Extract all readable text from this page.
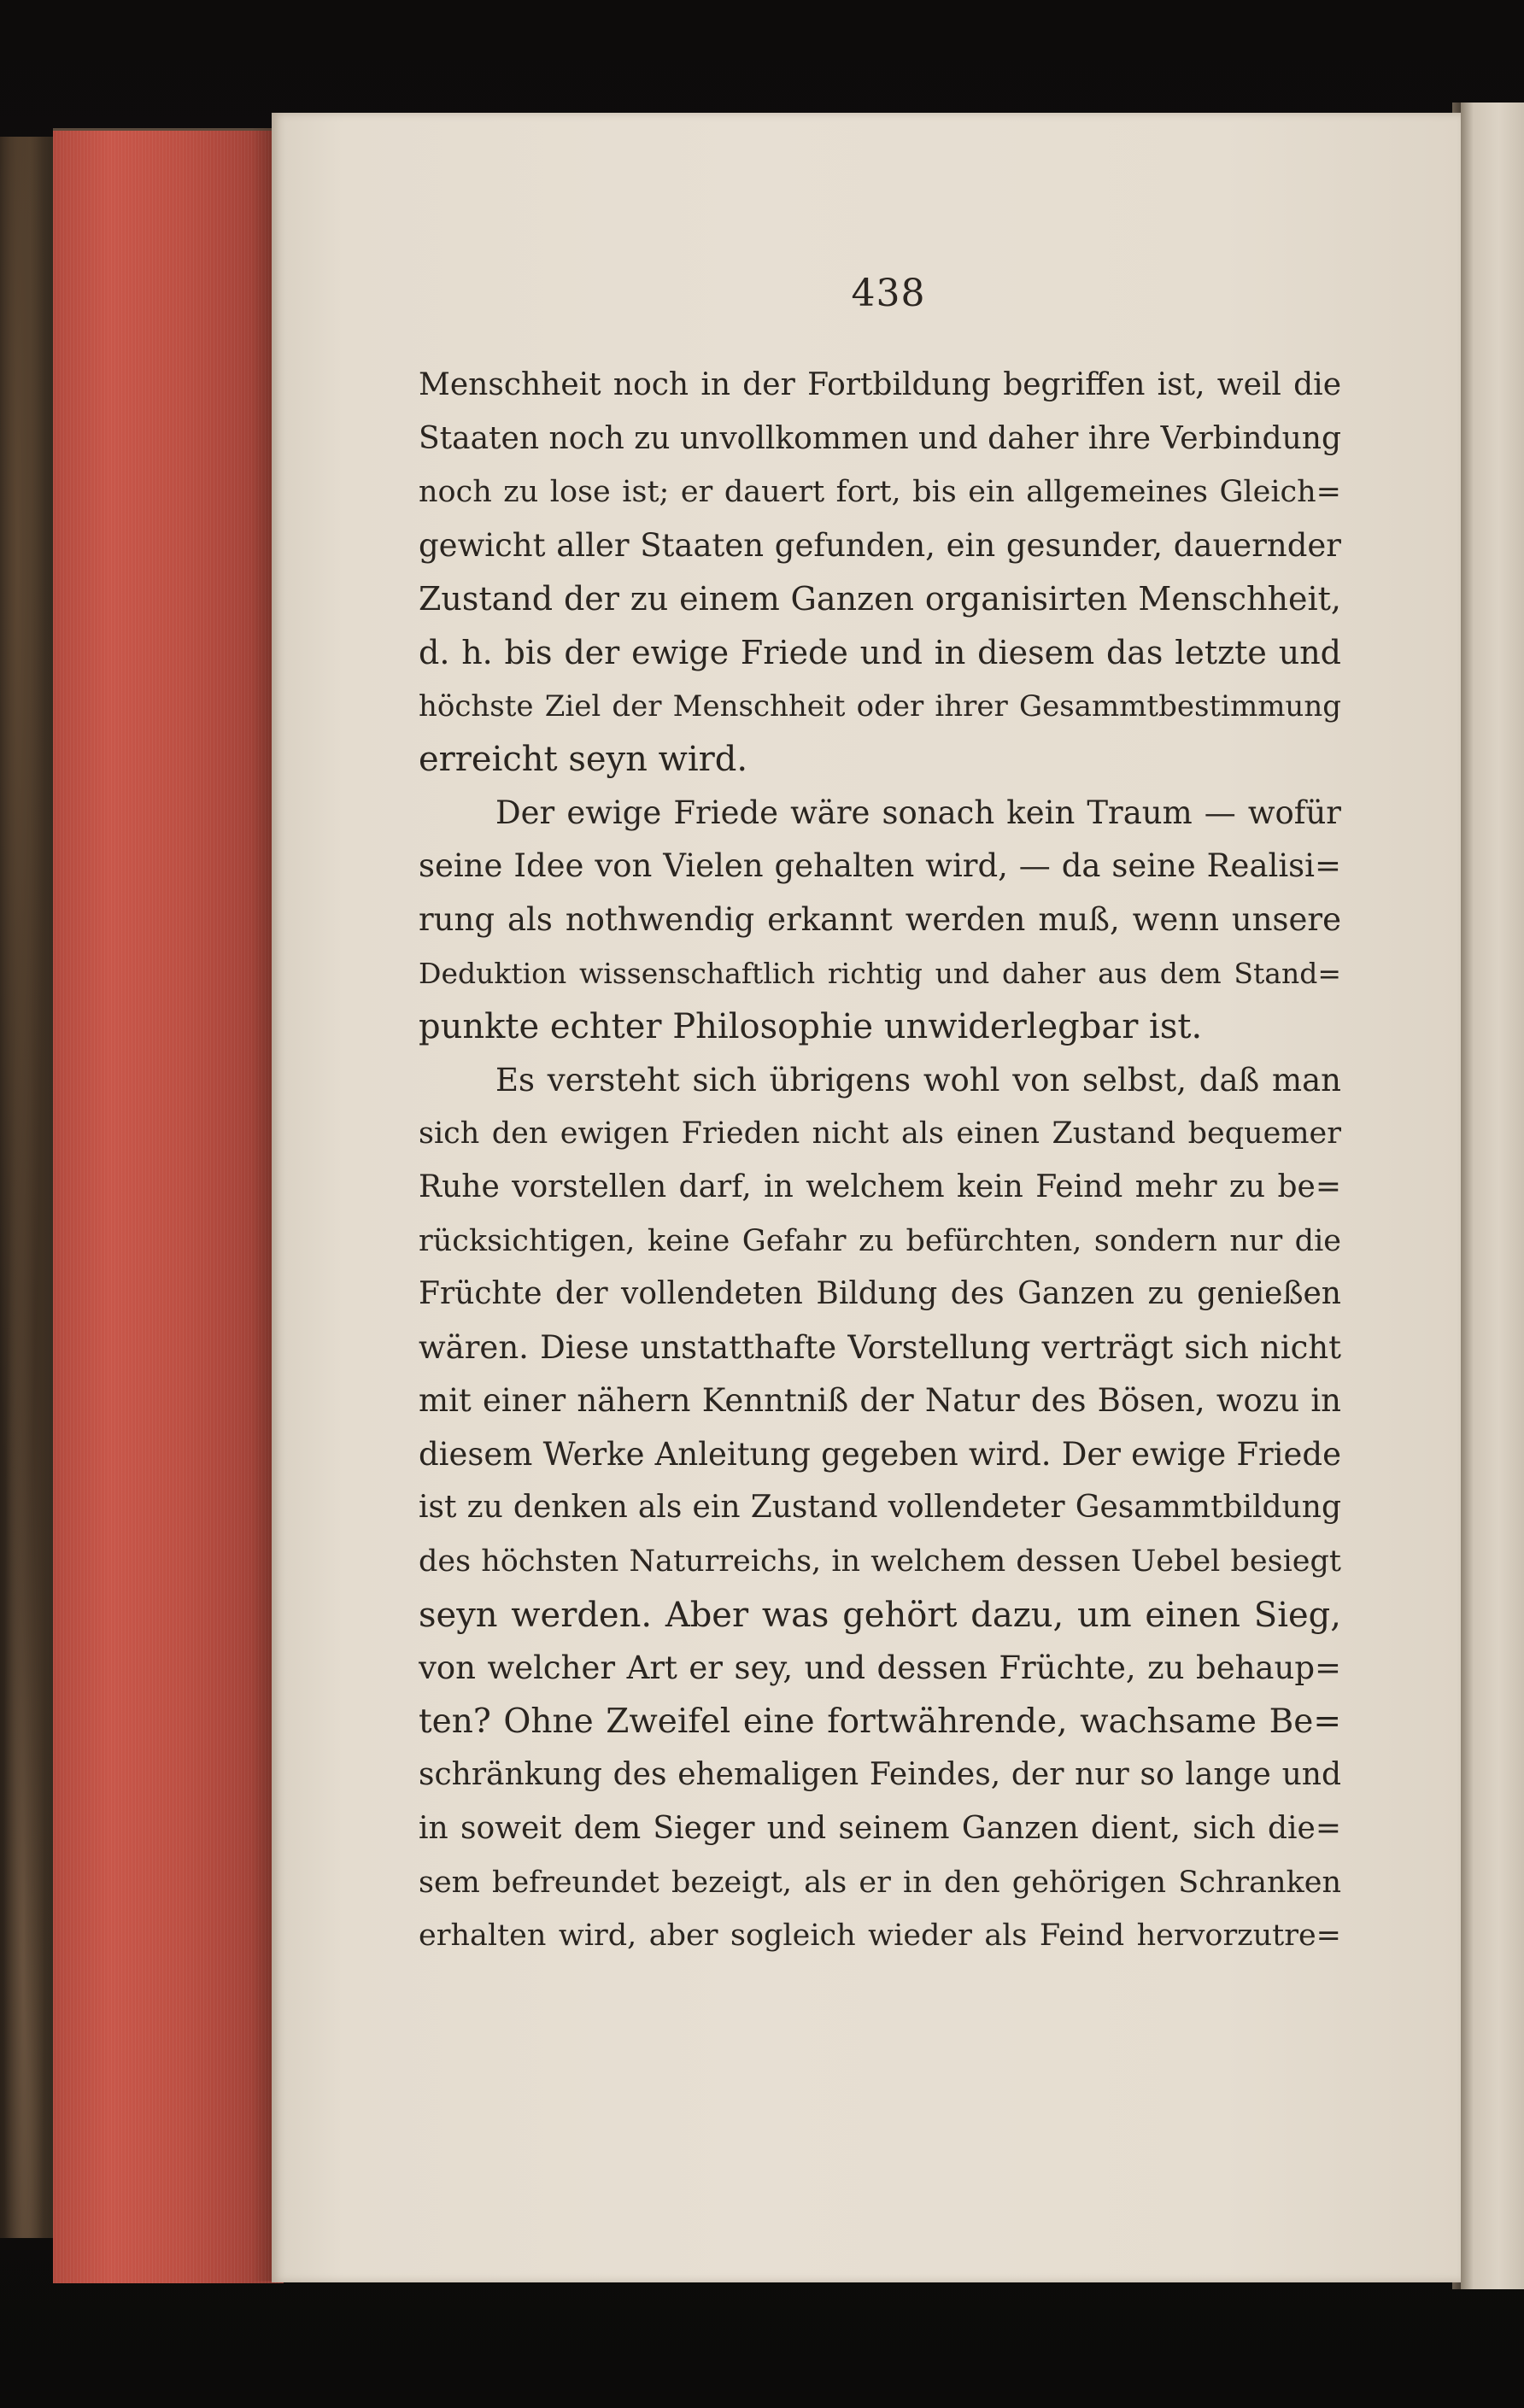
438
Menschheit noch in der Fortbildung begriffen ist, weil die
Staaten noch zu unvollkommen und daher ihre Verbindung
noch zu lose ist; er dauert fort, bis ein allgemeines Gleich=
gewicht aller Staaten gefunden, ein gesunder, dauernder
Zustand der zu einem Ganzen organisirten Menschheit,
d. h. bis der ewige Friede und in diesem das letzte und
höchste Ziel der Menschheit oder ihrer Gesammtbestimmung
erreicht seyn wird.
Der ewige Friede wäre sonach kein Traum — wofür
seine Idee von Vielen gehalten wird, — da seine Realisi=
rung als nothwendig erkannt werden muß, wenn unsere
Deduktion wissenschaftlich richtig und daher aus dem Stand=
punkte echter Philosophie unwiderlegbar ist.
Es versteht sich übrigens wohl von selbst, daß man
sich den ewigen Frieden nicht als einen Zustand bequemer
Ruhe vorstellen darf, in welchem kein Feind mehr zu be=
rücksichtigen, keine Gefahr zu befürchten, sondern nur die
Früchte der vollendeten Bildung des Ganzen zu genießen
wären. Diese unstatthafte Vorstellung verträgt sich nicht
mit einer nähern Kenntniß der Natur des Bösen, wozu in
diesem Werke Anleitung gegeben wird. Der ewige Friede
ist zu denken als ein Zustand vollendeter Gesammtbildung
des höchsten Naturreichs, in welchem dessen Uebel besiegt
seyn werden. Aber was gehört dazu, um einen Sieg,
von welcher Art er sey, und dessen Früchte, zu behaup=
ten? Ohne Zweifel eine fortwährende, wachsame Be=
schränkung des ehemaligen Feindes, der nur so lange und
in soweit dem Sieger und seinem Ganzen dient, sich die=
sem befreundet bezeigt, als er in den gehörigen Schranken
erhalten wird, aber sogleich wieder als Feind hervorzutre=
